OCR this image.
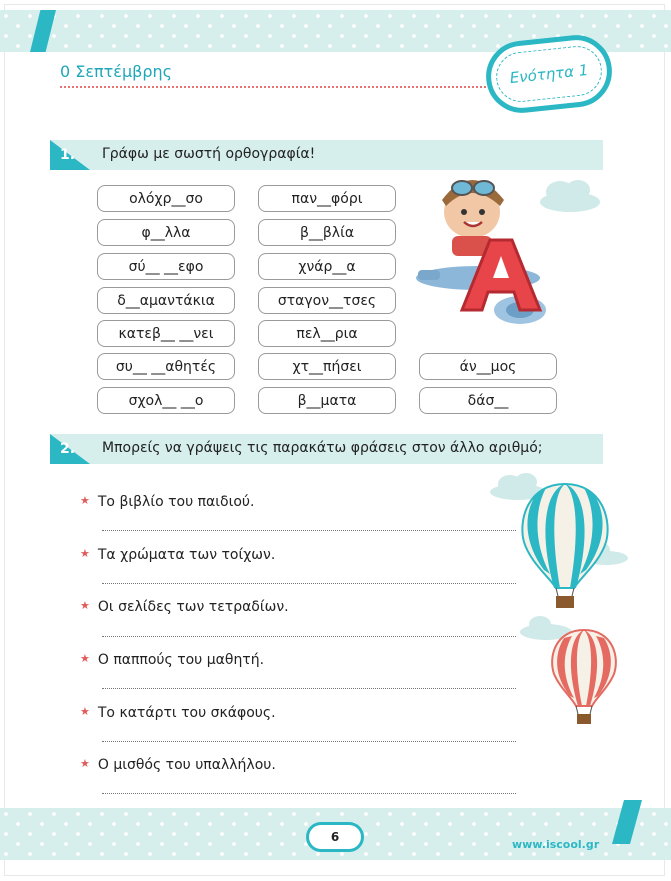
0 Σεπτέμβρης	Ενότητα 1
1. Γράφω με σωστή ορθογραφία!
ολόχρ__σο	παν__φόρι
φ__λλα	β__βλία
σύ__ __εφο	χνάρ__α
δ__αμαντάκια	σταγον__τσες
κατεβ__ __νει	πελ__ρια
συ__ __αθητές	χτ__πήσει	άν__μος
σχολ__ __ο	β__ματα	δάσ__
2. Μπορείς να γράψεις τις παρακάτω φράσεις στον άλλο αριθμό;
★ Το βιβλίο του παιδιού.
★ Τα χρώματα των τοίχων.
★ Οι σελίδες των τετραδίων.
★ Ο παππούς του μαθητή.
★ Το κατάρτι του σκάφους.
★ Ο μισθός του υπαλλήλου.
6
www.iscool.gr
